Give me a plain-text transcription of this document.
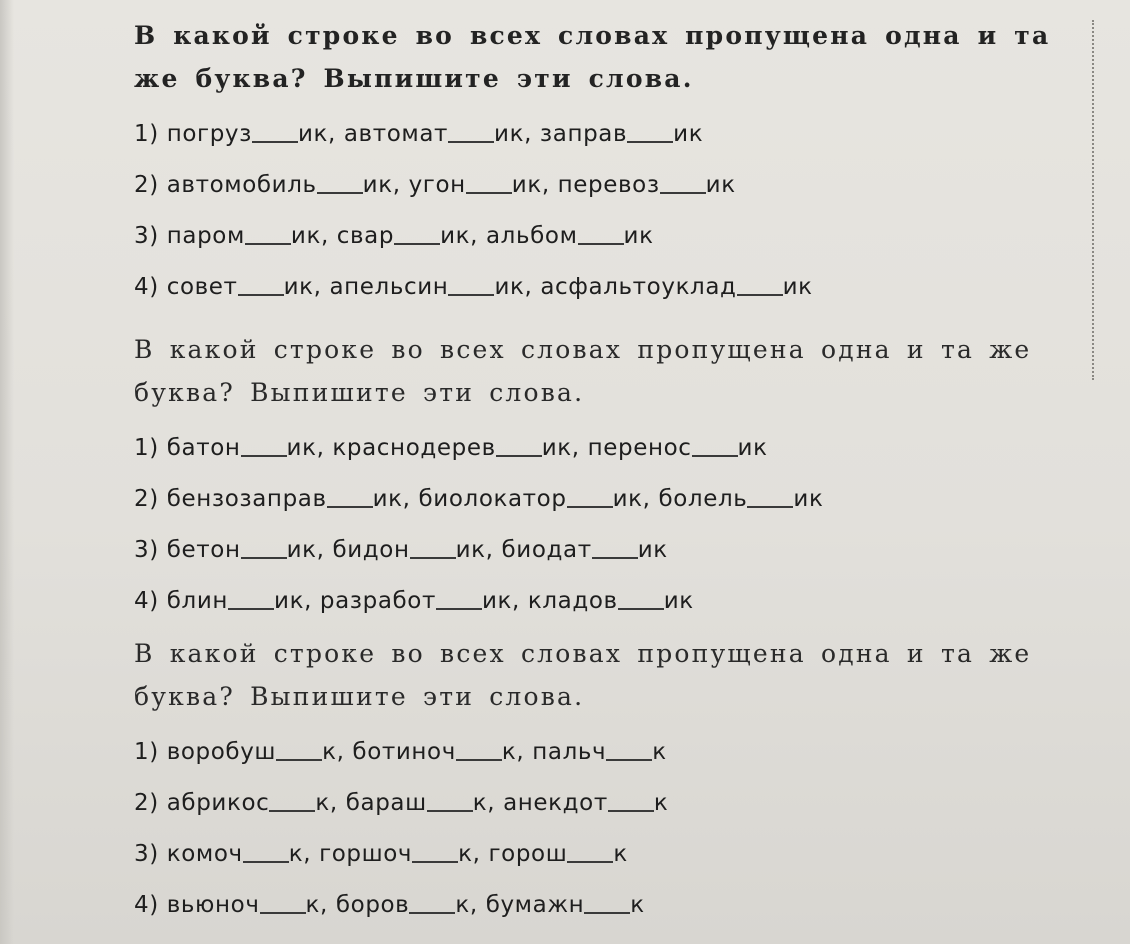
В какой строке во всех словах пропущена одна и та же буква? Выпишите эти слова.

1) погруз ик, автомат ик, заправ ик
2) автомобиль ик, угон ик, перевоз ик
3) паром ик, свар ик, альбом ик
4) совет ик, апельсин ик, асфальтоуклад ик

В какой строке во всех словах пропущена одна и та же буква? Выпишите эти слова.

1) батон ик, краснодерев ик, перенос ик
2) бензозаправ ик, биолокатор ик, болель ик
3) бетон ик, бидон ик, биодат ик
4) блин ик, разработ ик, кладов ик

В какой строке во всех словах пропущена одна и та же буква? Выпишите эти слова.

1) воробуш к, ботиноч к, пальч к
2) абрикос к, бараш к, анекдот к
3) комоч к, горшоч к, горош к
4) вьюноч к, боров к, бумажн к
